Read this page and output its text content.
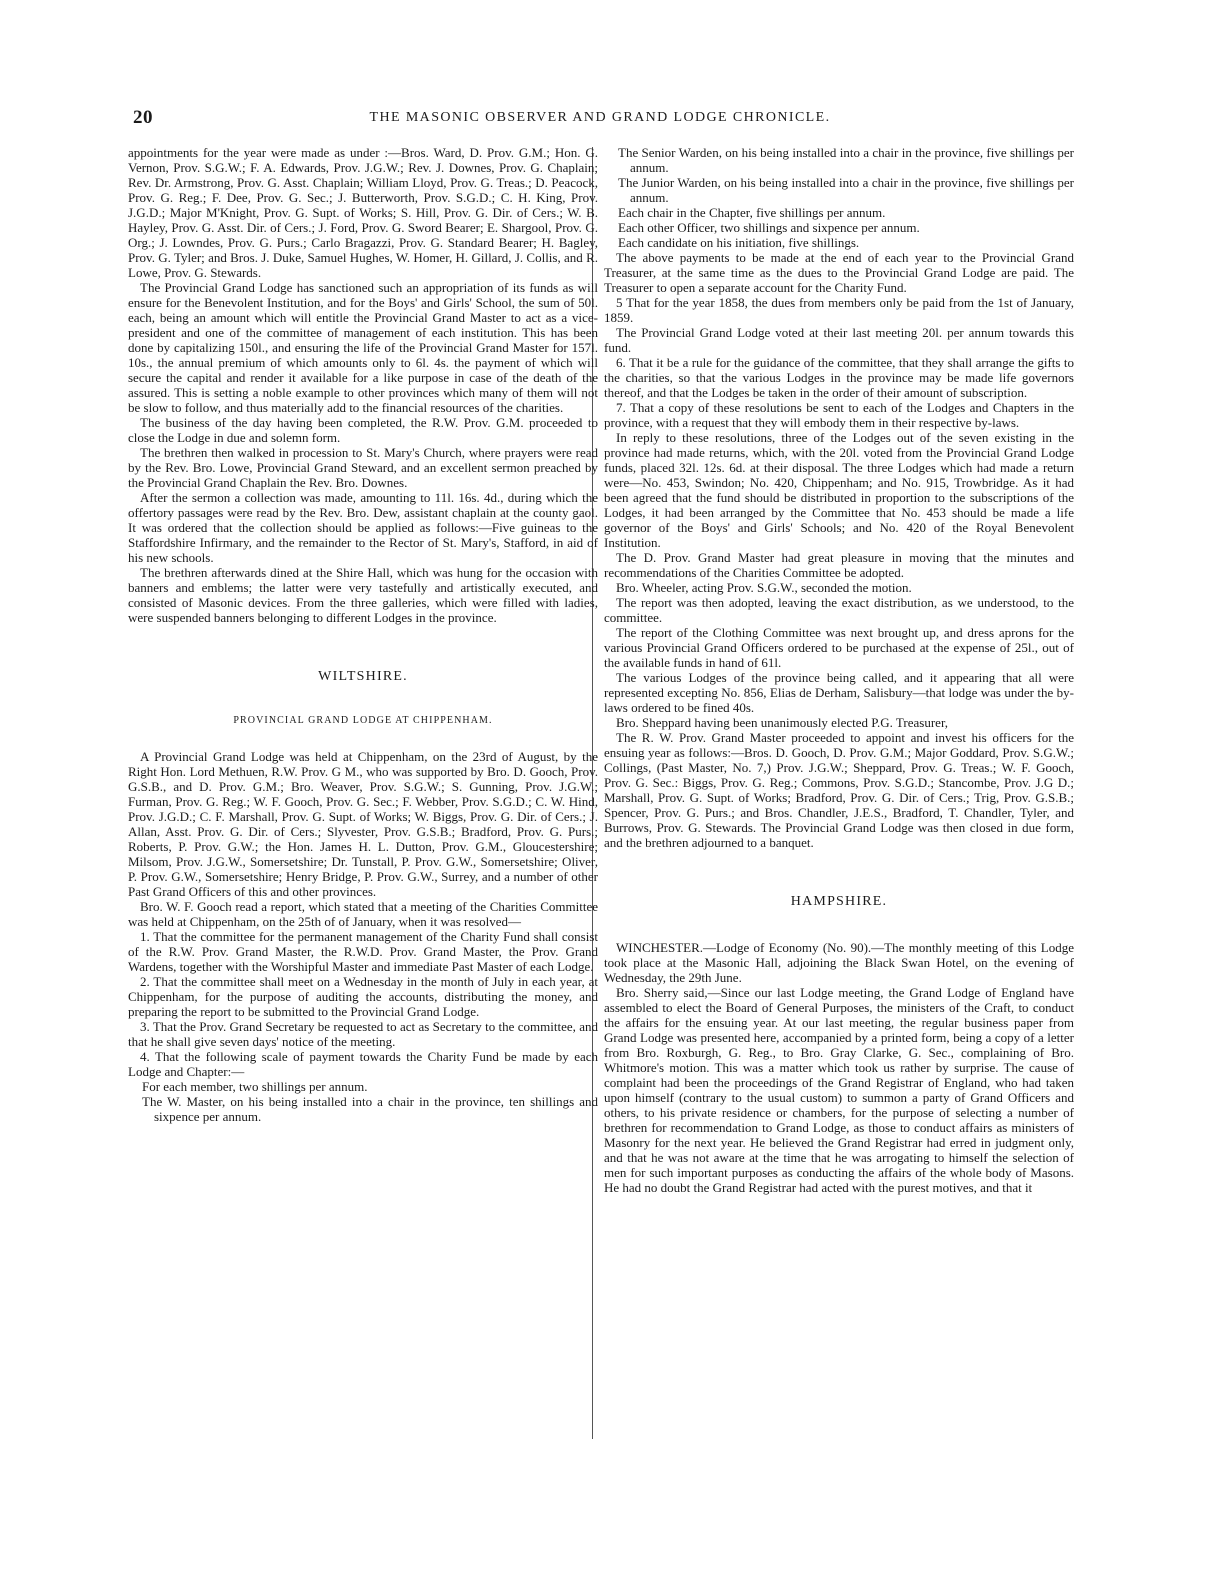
20	THE MASONIC OBSERVER AND GRAND LODGE CHRONICLE.

appointments for the year were made as under :—Bros. Ward, D. Prov. G.M.; Hon. G. Vernon, Prov. S.G.W.; F. A. Edwards, Prov. J.G.W.; Rev. J. Downes, Prov. G. Chaplain; Rev. Dr. Armstrong, Prov. G. Asst. Chaplain; William Lloyd, Prov. G. Treas.; D. Peacock, Prov. G. Reg.; F. Dee, Prov. G. Sec.; J. Butterworth, Prov. S.G.D.; C. H. King, Prov. J.G.D.; Major M'Knight, Prov. G. Supt. of Works; S. Hill, Prov. G. Dir. of Cers.; W. B. Hayley, Prov. G. Asst. Dir. of Cers.; J. Ford, Prov. G. Sword Bearer; E. Shargool, Prov. G. Org.; J. Lowndes, Prov. G. Purs.; Carlo Bragazzi, Prov. G. Standard Bearer; H. Bagley, Prov. G. Tyler; and Bros. J. Duke, Samuel Hughes, W. Homer, H. Gillard, J. Collis, and R. Lowe, Prov. G. Stewards.

The Provincial Grand Lodge has sanctioned such an appropriation of its funds as will ensure for the Benevolent Institution, and for the Boys' and Girls' School, the sum of 50l. each, being an amount which will entitle the Provincial Grand Master to act as a vice-president and one of the committee of management of each institution. This has been done by capitalizing 150l., and ensuring the life of the Provincial Grand Master for 157l. 10s., the annual premium of which amounts only to 6l. 4s. the payment of which will secure the capital and render it available for a like purpose in case of the death of the assured. This is setting a noble example to other provinces which many of them will not be slow to follow, and thus materially add to the financial resources of the charities.

The business of the day having been completed, the R.W. Prov. G.M. proceeded to close the Lodge in due and solemn form.

The brethren then walked in procession to St. Mary's Church, where prayers were read by the Rev. Bro. Lowe, Provincial Grand Steward, and an excellent sermon preached by the Provincial Grand Chaplain the Rev. Bro. Downes.

After the sermon a collection was made, amounting to 11l. 16s. 4d., during which the offertory passages were read by the Rev. Bro. Dew, assistant chaplain at the county gaol. It was ordered that the collection should be applied as follows:—Five guineas to the Staffordshire Infirmary, and the remainder to the Rector of St. Mary's, Stafford, in aid of his new schools.

The brethren afterwards dined at the Shire Hall, which was hung for the occasion with banners and emblems; the latter were very tastefully and artistically executed, and consisted of Masonic devices. From the three galleries, which were filled with ladies, were suspended banners belonging to different Lodges in the province.

WILTSHIRE.
PROVINCIAL GRAND LODGE AT CHIPPENHAM.

A Provincial Grand Lodge was held at Chippenham, on the 23rd of August, by the Right Hon. Lord Methuen, R.W. Prov. G M., who was supported by Bro. D. Gooch, Prov. G.S.B., and D. Prov. G.M.; Bro. Weaver, Prov. S.G.W.; S. Gunning, Prov. J.G.W.; Furman, Prov. G. Reg.; W. F. Gooch, Prov. G. Sec.; F. Webber, Prov. S.G.D.; C. W. Hind, Prov. J.G.D.; C. F. Marshall, Prov. G. Supt. of Works; W. Biggs, Prov. G. Dir. of Cers.; J. Allan, Asst. Prov. G. Dir. of Cers.; Slyvester, Prov. G.S.B.; Bradford, Prov. G. Purs.; Roberts, P. Prov. G.W.; the Hon. James H. L. Dutton, Prov. G.M., Gloucestershire; Milsom, Prov. J.G.W., Somersetshire; Dr. Tunstall, P. Prov. G.W., Somersetshire; Oliver, P. Prov. G.W., Somersetshire; Henry Bridge, P. Prov. G.W., Surrey, and a number of other Past Grand Officers of this and other provinces.

Bro. W. F. Gooch read a report, which stated that a meeting of the Charities Committee was held at Chippenham, on the 25th of of January, when it was resolved—

1. That the committee for the permanent management of the Charity Fund shall consist of the R.W. Prov. Grand Master, the R.W.D. Prov. Grand Master, the Prov. Grand Wardens, together with the Worshipful Master and immediate Past Master of each Lodge.

2. That the committee shall meet on a Wednesday in the month of July in each year, at Chippenham, for the purpose of auditing the accounts, distributing the money, and preparing the report to be submitted to the Provincial Grand Lodge.

3. That the Prov. Grand Secretary be requested to act as Secretary to the committee, and that he shall give seven days' notice of the meeting.

4. That the following scale of payment towards the Charity Fund be made by each Lodge and Chapter:—

For each member, two shillings per annum.

The W. Master, on his being installed into a chair in the province, ten shillings and sixpence per annum.

The Senior Warden, on his being installed into a chair in the province, five shillings per annum.

The Junior Warden, on his being installed into a chair in the province, five shillings per annum.

Each chair in the Chapter, five shillings per annum.

Each other Officer, two shillings and sixpence per annum.

Each candidate on his initiation, five shillings.

The above payments to be made at the end of each year to the Provincial Grand Treasurer, at the same time as the dues to the Provincial Grand Lodge are paid. The Treasurer to open a separate account for the Charity Fund.

5 That for the year 1858, the dues from members only be paid from the 1st of January, 1859.

The Provincial Grand Lodge voted at their last meeting 20l. per annum towards this fund.

6. That it be a rule for the guidance of the committee, that they shall arrange the gifts to the charities, so that the various Lodges in the province may be made life governors thereof, and that the Lodges be taken in the order of their amount of subscription.

7. That a copy of these resolutions be sent to each of the Lodges and Chapters in the province, with a request that they will embody them in their respective by-laws.

In reply to these resolutions, three of the Lodges out of the seven existing in the province had made returns, which, with the 20l. voted from the Provincial Grand Lodge funds, placed 32l. 12s. 6d. at their disposal. The three Lodges which had made a return were—No. 453, Swindon; No. 420, Chippenham; and No. 915, Trowbridge. As it had been agreed that the fund should be distributed in proportion to the subscriptions of the Lodges, it had been arranged by the Committee that No. 453 should be made a life governor of the Boys' and Girls' Schools; and No. 420 of the Royal Benevolent Institution.

The D. Prov. Grand Master had great pleasure in moving that the minutes and recommendations of the Charities Committee be adopted.

Bro. Wheeler, acting Prov. S.G.W., seconded the motion.

The report was then adopted, leaving the exact distribution, as we understood, to the committee.

The report of the Clothing Committee was next brought up, and dress aprons for the various Provincial Grand Officers ordered to be purchased at the expense of 25l., out of the available funds in hand of 61l.

The various Lodges of the province being called, and it appearing that all were represented excepting No. 856, Elias de Derham, Salisbury—that lodge was under the by-laws ordered to be fined 40s.

Bro. Sheppard having been unanimously elected P.G. Treasurer,

The R. W. Prov. Grand Master proceeded to appoint and invest his officers for the ensuing year as follows:—Bros. D. Gooch, D. Prov. G.M.; Major Goddard, Prov. S.G.W.; Collings, (Past Master, No. 7,) Prov. J.G.W.; Sheppard, Prov. G. Treas.; W. F. Gooch, Prov. G. Sec.: Biggs, Prov. G. Reg.; Commons, Prov. S.G.D.; Stancombe, Prov. J.G D.; Marshall, Prov. G. Supt. of Works; Bradford, Prov. G. Dir. of Cers.; Trig, Prov. G.S.B.; Spencer, Prov. G. Purs.; and Bros. Chandler, J.E.S., Bradford, T. Chandler, Tyler, and Burrows, Prov. G. Stewards. The Provincial Grand Lodge was then closed in due form, and the brethren adjourned to a banquet.

HAMPSHIRE.

WINCHESTER.—Lodge of Economy (No. 90).—The monthly meeting of this Lodge took place at the Masonic Hall, adjoining the Black Swan Hotel, on the evening of Wednesday, the 29th June.

Bro. Sherry said,—Since our last Lodge meeting, the Grand Lodge of England have assembled to elect the Board of General Purposes, the ministers of the Craft, to conduct the affairs for the ensuing year. At our last meeting, the regular business paper from Grand Lodge was presented here, accompanied by a printed form, being a copy of a letter from Bro. Roxburgh, G. Reg., to Bro. Gray Clarke, G. Sec., complaining of Bro. Whitmore's motion. This was a matter which took us rather by surprise. The cause of complaint had been the proceedings of the Grand Registrar of England, who had taken upon himself (contrary to the usual custom) to summon a party of Grand Officers and others, to his private residence or chambers, for the purpose of selecting a number of brethren for recommendation to Grand Lodge, as those to conduct affairs as ministers of Masonry for the next year. He believed the Grand Registrar had erred in judgment only, and that he was not aware at the time that he was arrogating to himself the selection of men for such important purposes as conducting the affairs of the whole body of Masons. He had no doubt the Grand Registrar had acted with the purest motives, and that it
